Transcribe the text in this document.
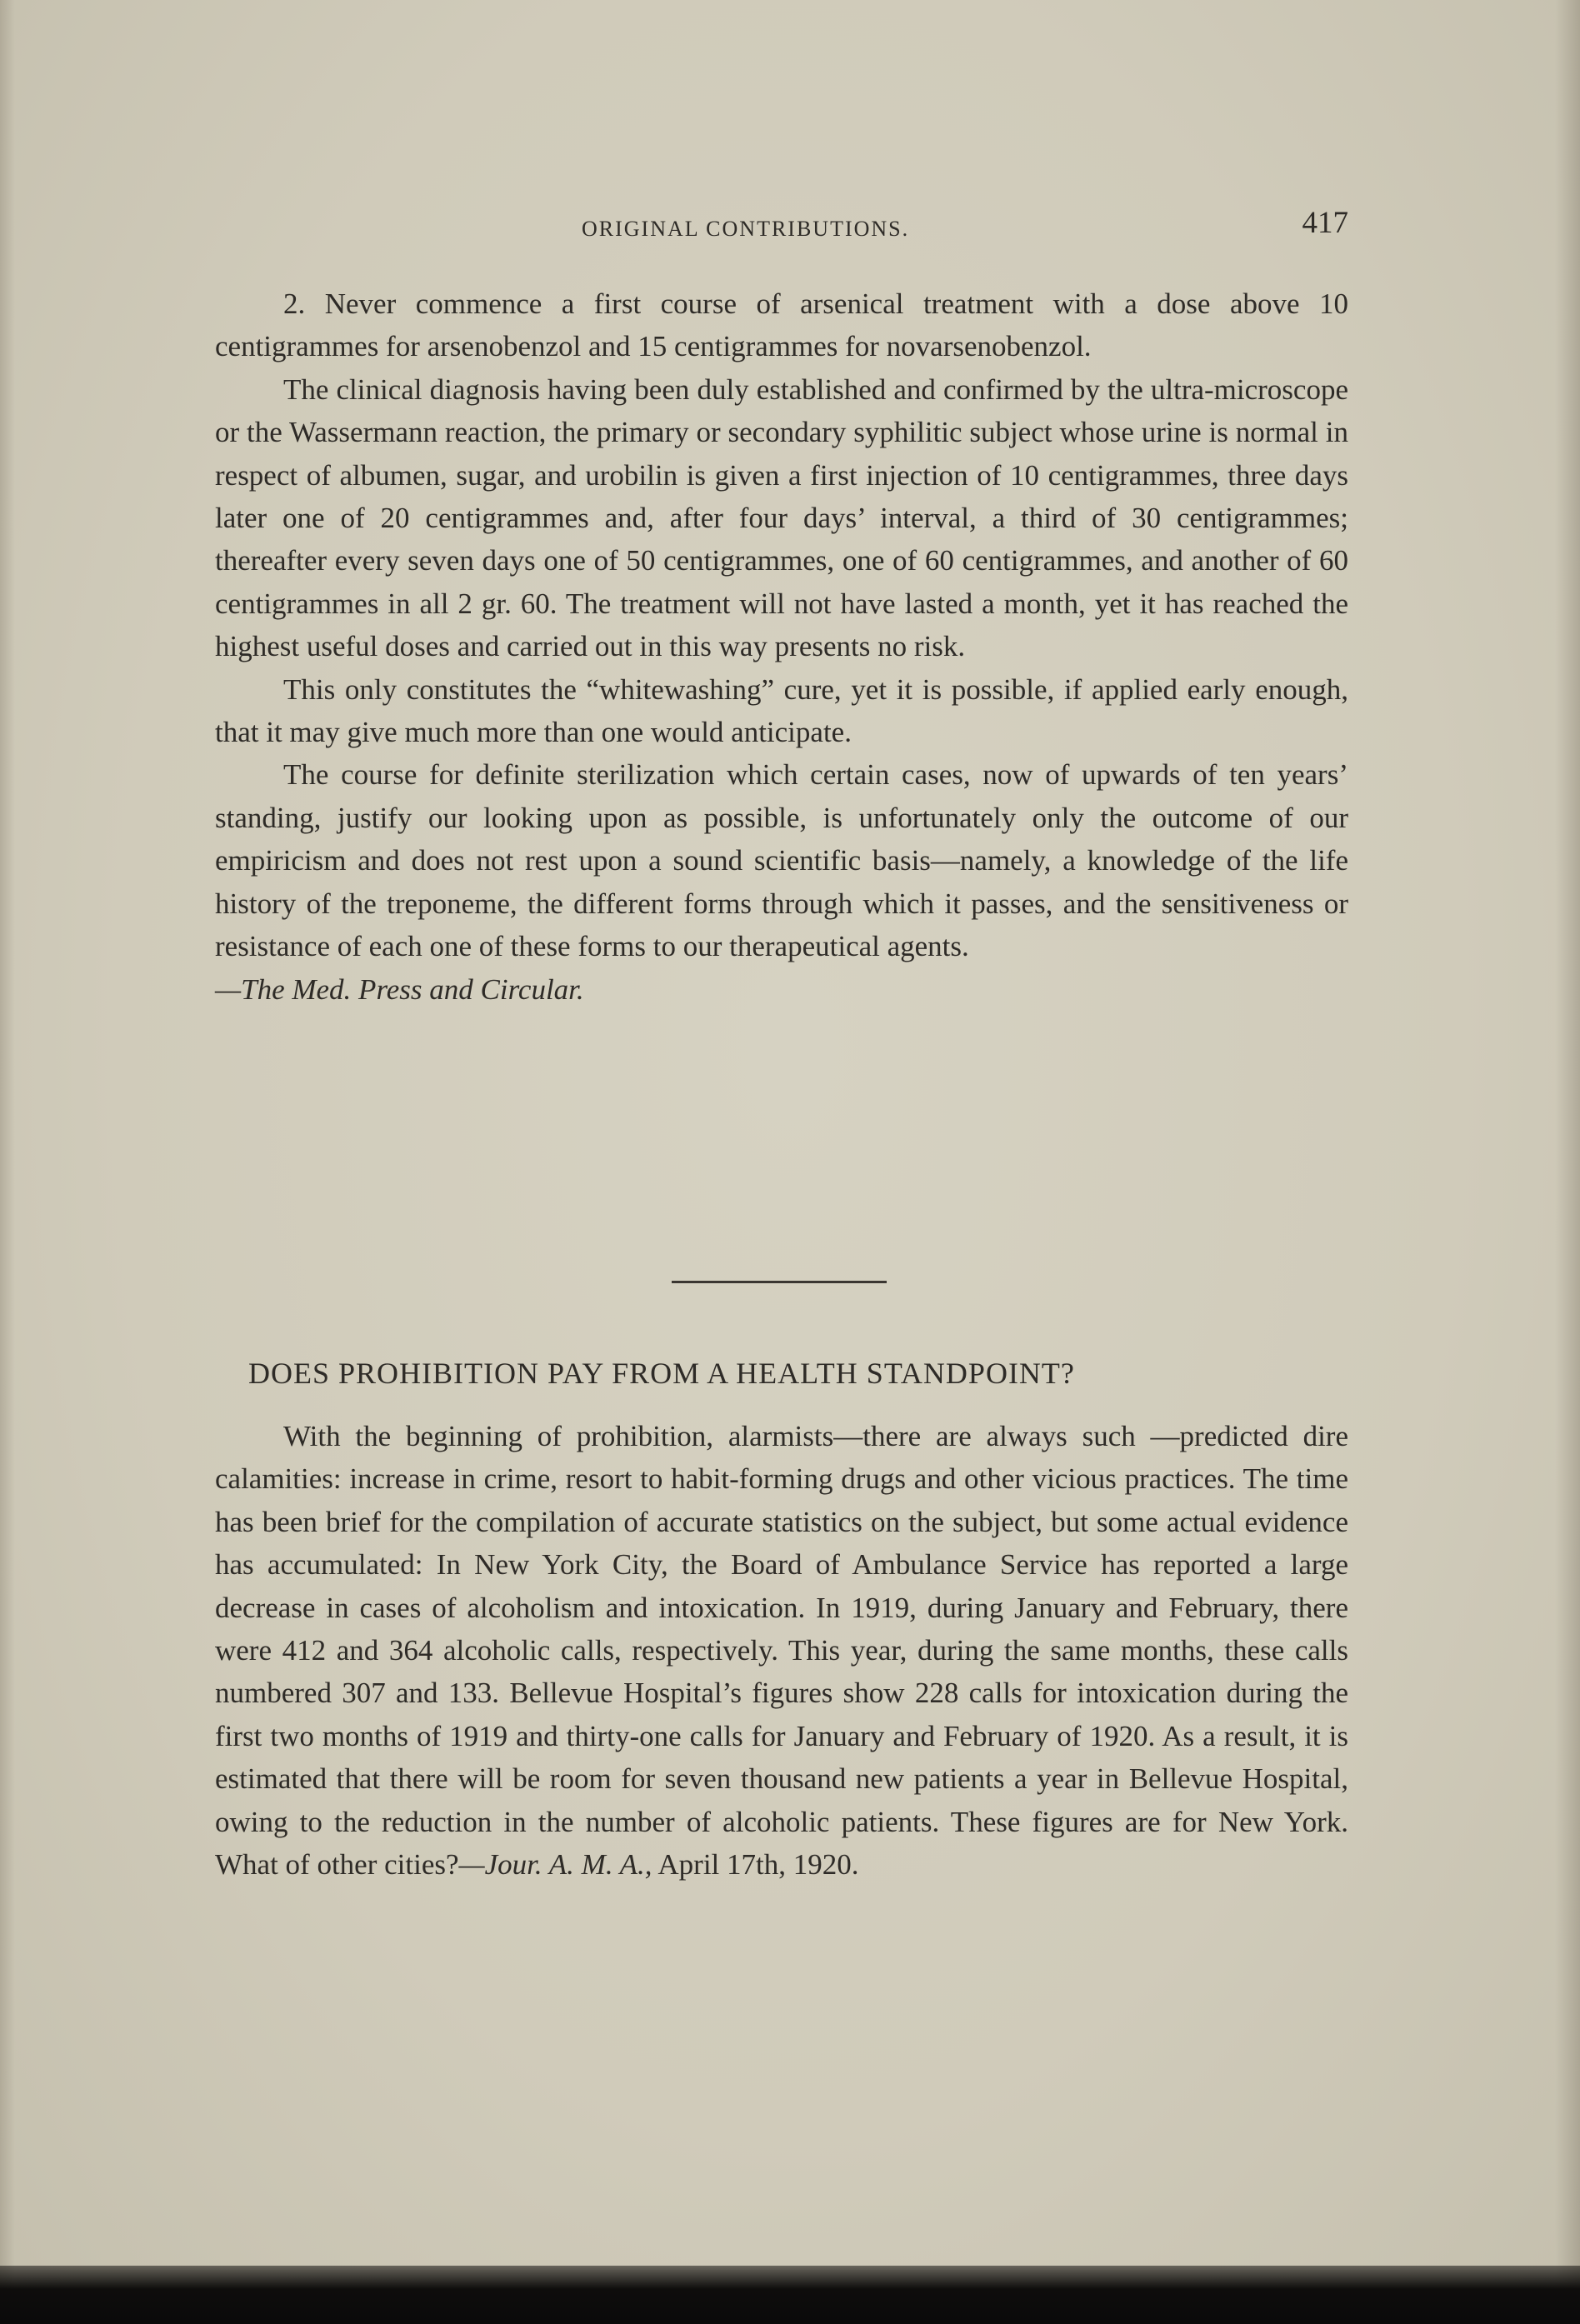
ORIGINAL CONTRIBUTIONS.	417

2. Never commence a first course of arsenical treatment with a dose above 10 centigrammes for arsenobenzol and 15 centigrammes for novarsenobenzol.

The clinical diagnosis having been duly established and confirmed by the ultra-microscope or the Wassermann reaction, the primary or secondary syphilitic subject whose urine is normal in respect of albumen, sugar, and urobilin is given a first injection of 10 centigrammes, three days later one of 20 centigrammes and, after four days’ interval, a third of 30 centigrammes; thereafter every seven days one of 50 centigrammes, one of 60 centigrammes, and another of 60 centigrammes in all 2 gr. 60. The treatment will not have lasted a month, yet it has reached the highest useful doses and carried out in this way presents no risk.

This only constitutes the “whitewashing” cure, yet it is possible, if applied early enough, that it may give much more than one would anticipate.

The course for definite sterilization which certain cases, now of upwards of ten years’ standing, justify our looking upon as possible, is unfortunately only the outcome of our empiricism and does not rest upon a sound scientific basis—namely, a knowledge of the life history of the treponeme, the different forms through which it passes, and the sensitiveness or resistance of each one of these forms to our therapeutical agents.

—The Med. Press and Circular.

DOES PROHIBITION PAY FROM A HEALTH STANDPOINT?

With the beginning of prohibition, alarmists—there are always such —predicted dire calamities: increase in crime, resort to habit-forming drugs and other vicious practices. The time has been brief for the compilation of accurate statistics on the subject, but some actual evidence has accumulated: In New York City, the Board of Ambulance Service has reported a large decrease in cases of alcoholism and intoxication. In 1919, during January and February, there were 412 and 364 alcoholic calls, respectively. This year, during the same months, these calls numbered 307 and 133. Bellevue Hospital’s figures show 228 calls for intoxication during the first two months of 1919 and thirty-one calls for January and February of 1920. As a result, it is estimated that there will be room for seven thousand new patients a year in Bellevue Hospital, owing to the reduction in the number of alcoholic patients. These figures are for New York. What of other cities?—Jour. A. M. A., April 17th, 1920.
